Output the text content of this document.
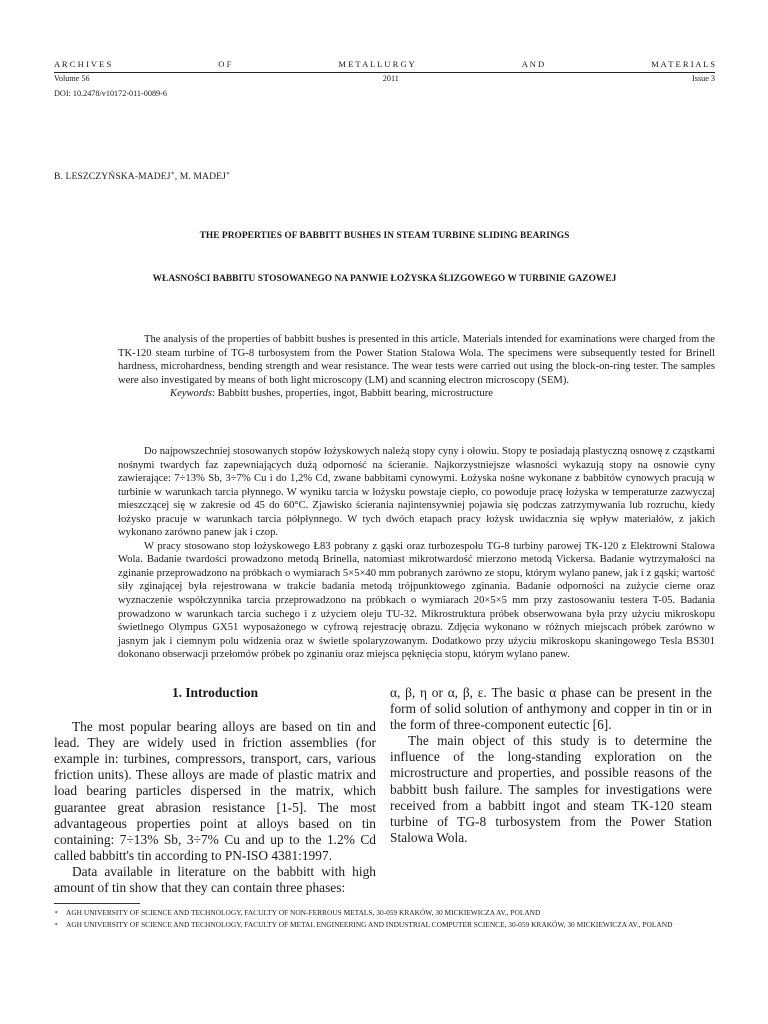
A R C H I V E S	O F	M E T A L L U R G Y	A N D	M A T E R I A L S
Volume 56	2011	Issue 3
DOI: 10.2478/v10172-011-0089-6
B. LESZCZYŃSKA-MADEJ∗, M. MADEJ∗
THE PROPERTIES OF BABBITT BUSHES IN STEAM TURBINE SLIDING BEARINGS
WŁASNOŚCI BABBITU STOSOWANEGO NA PANWIE ŁOŻYSKA ŚLIZGOWEGO W TURBINIE GAZOWEJ

The analysis of the properties of babbitt bushes is presented in this article. Materials intended for examinations were charged from the TK-120 steam turbine of TG-8 turbosystem from the Power Station Stalowa Wola. The specimens were subsequently tested for Brinell hardness, microhardness, bending strength and wear resistance. The wear tests were carried out using the block-on-ring tester. The samples were also investigated by means of both light microscopy (LM) and scanning electron microscopy (SEM).

Keywords: Babbitt bushes, properties, ingot, Babbitt bearing, microstructure

Do najpowszechniej stosowanych stopów łożyskowych należą stopy cyny i ołowiu. Stopy te posiadają plastyczną osnowę z cząstkami nośnymi twardych faz zapewniających dużą odporność na ścieranie. Najkorzystniejsze własności wykazują stopy na osnowie cyny zawierające: 7÷13% Sb, 3÷7% Cu i do 1,2% Cd, zwane babbitami cynowymi. Łożyska nośne wykonane z babbitów cynowych pracują w turbinie w warunkach tarcia płynnego. W wyniku tarcia w łożysku powstaje ciepło, co powoduje pracę łożyska w temperaturze zazwyczaj mieszczącej się w zakresie od 45 do 60°C. Zjawisko ścierania najintensywniej pojawia się podczas zatrzymywania lub rozruchu, kiedy łożysko pracuje w warunkach tarcia półpłynnego. W tych dwóch etapach pracy łożysk uwidacznia się wpływ materiałów, z jakich wykonano zarówno panew jak i czop.

W pracy stosowano stop łożyskowego Ł83 pobrany z gąski oraz turbozespołu TG-8 turbiny parowej TK-120 z Elektrowni Stalowa Wola. Badanie twardości prowadzono metodą Brinella, natomiast mikrotwardość mierzono metodą Vickersa. Badanie wytrzymałości na zginanie przeprowadzono na próbkach o wymiarach 5×5×40 mm pobranych zarówno ze stopu, którym wylano panew, jak i z gąski; wartość siły zginającej była rejestrowana w trakcie badania metodą trójpunktowego zginania. Badanie odporności na zużycie cierne oraz wyznaczenie współczynnika tarcia przeprowadzono na próbkach o wymiarach 20×5×5 mm przy zastosowaniu testera T-05. Badania prowadzono w warunkach tarcia suchego i z użyciem oleju TU-32. Mikrostruktura próbek obserwowana była przy użyciu mikroskopu świetlnego Olympus GX51 wyposażonego w cyfrową rejestrację obrazu. Zdjęcia wykonano w różnych miejscach próbek zarówno w jasnym jak i ciemnym polu widzenia oraz w świetle spolaryzowanym. Dodatkowo przy użyciu mikroskopu skaningowego Tesla BS301 dokonano obserwacji przełomów próbek po zginaniu oraz miejsca pęknięcia stopu, którym wylano panew.

1. Introduction

The most popular bearing alloys are based on tin and lead. They are widely used in friction assemblies (for example in: turbines, compressors, transport, cars, various friction units). These alloys are made of plastic matrix and load bearing particles dispersed in the matrix, which guarantee great abrasion resistance [1-5]. The most advantageous properties point at alloys based on tin containing: 7÷13% Sb, 3÷7% Cu and up to the 1.2% Cd called babbitt's tin according to PN-ISO 4381:1997.

Data available in literature on the babbitt with high amount of tin show that they can contain three phases:

α, β, η or α, β, ε. The basic α phase can be present in the form of solid solution of anthymony and copper in tin or in the form of three-component eutectic [6].

The main object of this study is to determine the influence of the long-standing exploration on the microstructure and properties, and possible reasons of the babbitt bush failure. The samples for investigations were received from a babbitt ingot and steam TK-120 steam turbine of TG-8 turbosystem from the Power Station Stalowa Wola.

∗ AGH UNIVERSITY OF SCIENCE AND TECHNOLOGY, FACULTY OF NON-FERROUS METALS, 30-059 KRAKÓW, 30 MICKIEWICZA AV., POLAND
∗ AGH UNIVERSITY OF SCIENCE AND TECHNOLOGY, FACULTY OF METAL ENGINEERING AND INDUSTRIAL COMPUTER SCIENCE, 30-059 KRAKÓW, 30 MICKIEWICZA AV., POLAND
